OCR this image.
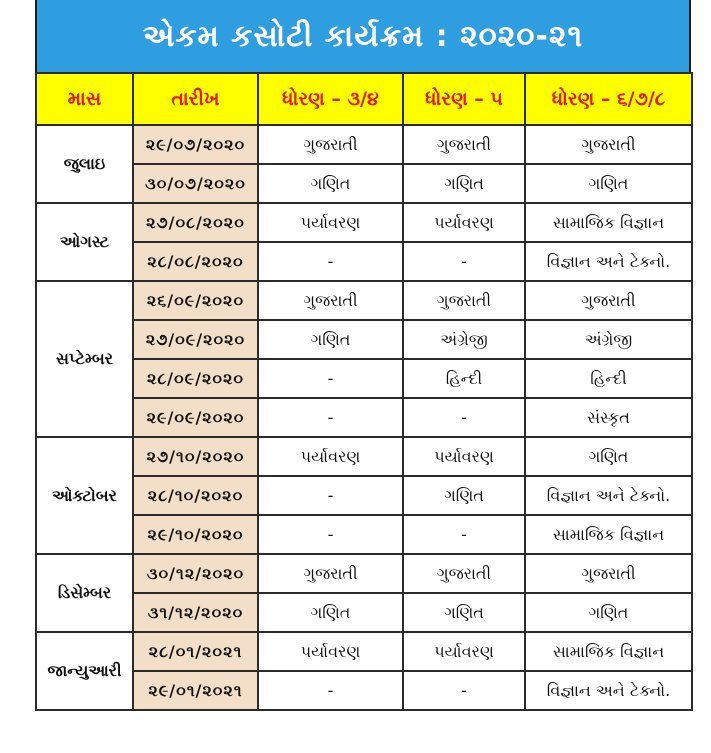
એકમ કસોટી કાર્યક્રમ : ૨૦૨૦-૨૧
માસ	તારીખ	ધોરણ – ૩/૪	ધોરણ – ૫	ધોરણ – ૬/૭/૮
જુલાઇ	૨૯/૦૭/૨૦૨૦	ગુજરાતી	ગુજરાતી	ગુજરાતી
	૩૦/૦૭/૨૦૨૦	ગણિત	ગણિત	ગણિત
ઓગસ્ટ	૨૭/૦૮/૨૦૨૦	પર્યાવરણ	પર્યાવરણ	સામાજિક વિજ્ઞાન
	૨૮/૦૮/૨૦૨૦	-	-	વિજ્ઞાન અને ટેક્નો.
સપ્ટેમ્બર	૨૬/૦૯/૨૦૨૦	ગુજરાતી	ગુજરાતી	ગુજરાતી
	૨૭/૦૯/૨૦૨૦	ગણિત	અંગ્રેજી	અંગ્રેજી
	૨૮/૦૯/૨૦૨૦	-	હિન્દી	હિન્દી
	૨૯/૦૯/૨૦૨૦	-	-	સંસ્કૃત
ઓક્ટોબર	૨૭/૧૦/૨૦૨૦	પર્યાવરણ	પર્યાવરણ	ગણિત
	૨૮/૧૦/૨૦૨૦	-	ગણિત	વિજ્ઞાન અને ટેક્નો.
	૨૯/૧૦/૨૦૨૦	-	-	સામાજિક વિજ્ઞાન
ડિસેમ્બર	૩૦/૧૨/૨૦૨૦	ગુજરાતી	ગુજરાતી	ગુજરાતી
	૩૧/૧૨/૨૦૨૦	ગણિત	ગણિત	ગણિત
જાન્યુઆરી	૨૮/૦૧/૨૦૨૧	પર્યાવરણ	પર્યાવરણ	સામાજિક વિજ્ઞાન
	૨૯/૦૧/૨૦૨૧	-	-	વિજ્ઞાન અને ટેક્નો.
